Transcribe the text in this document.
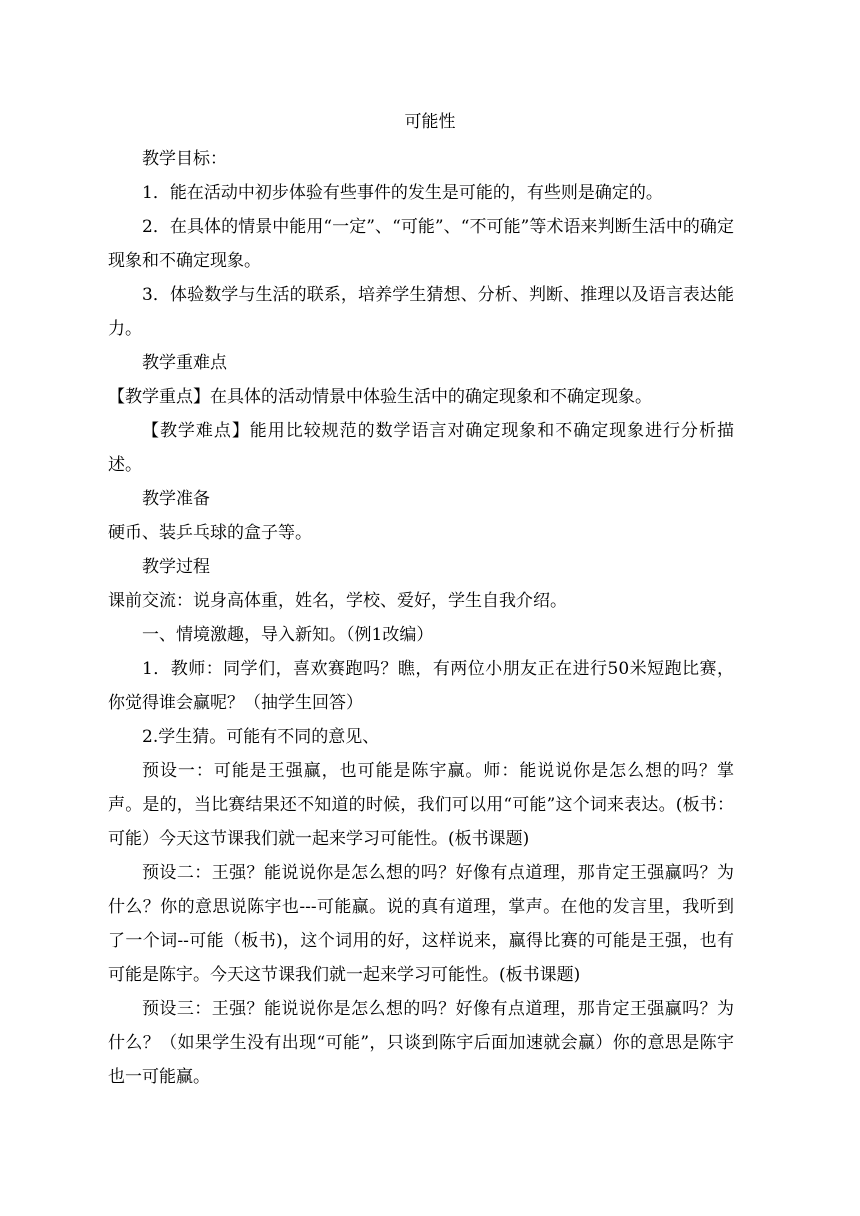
可能性

教学目标：

1．能在活动中初步体验有些事件的发生是可能的，有些则是确定的。

2．在具体的情景中能用“一定”、“可能”、“不可能”等术语来判断生活中的确定现象和不确定现象。

3．体验数学与生活的联系，培养学生猜想、分析、判断、推理以及语言表达能力。

教学重难点

【教学重点】在具体的活动情景中体验生活中的确定现象和不确定现象。

【教学难点】能用比较规范的数学语言对确定现象和不确定现象进行分析描述。

教学准备

硬币、装乒乓球的盒子等。

教学过程

课前交流：说身高体重，姓名，学校、爱好，学生自我介绍。

一、情境激趣，导入新知。（例1改编）

1．教师：同学们，喜欢赛跑吗？瞧，有两位小朋友正在进行50米短跑比赛，你觉得谁会赢呢？（抽学生回答）

2.学生猜。可能有不同的意见、

预设一：可能是王强赢，也可能是陈宇赢。师：能说说你是怎么想的吗？掌声。是的，当比赛结果还不知道的时候，我们可以用“可能”这个词来表达。(板书：可能）今天这节课我们就一起来学习可能性。(板书课题)

预设二：王强？能说说你是怎么想的吗？好像有点道理，那肯定王强赢吗？为什么？你的意思说陈宇也---可能赢。说的真有道理，掌声。在他的发言里，我听到了一个词--可能（板书)，这个词用的好，这样说来，赢得比赛的可能是王强，也有可能是陈宇。今天这节课我们就一起来学习可能性。(板书课题)

预设三：王强？能说说你是怎么想的吗？好像有点道理，那肯定王强赢吗？为什么？（如果学生没有出现“可能”，只谈到陈宇后面加速就会赢）你的意思是陈宇也一可能赢。
